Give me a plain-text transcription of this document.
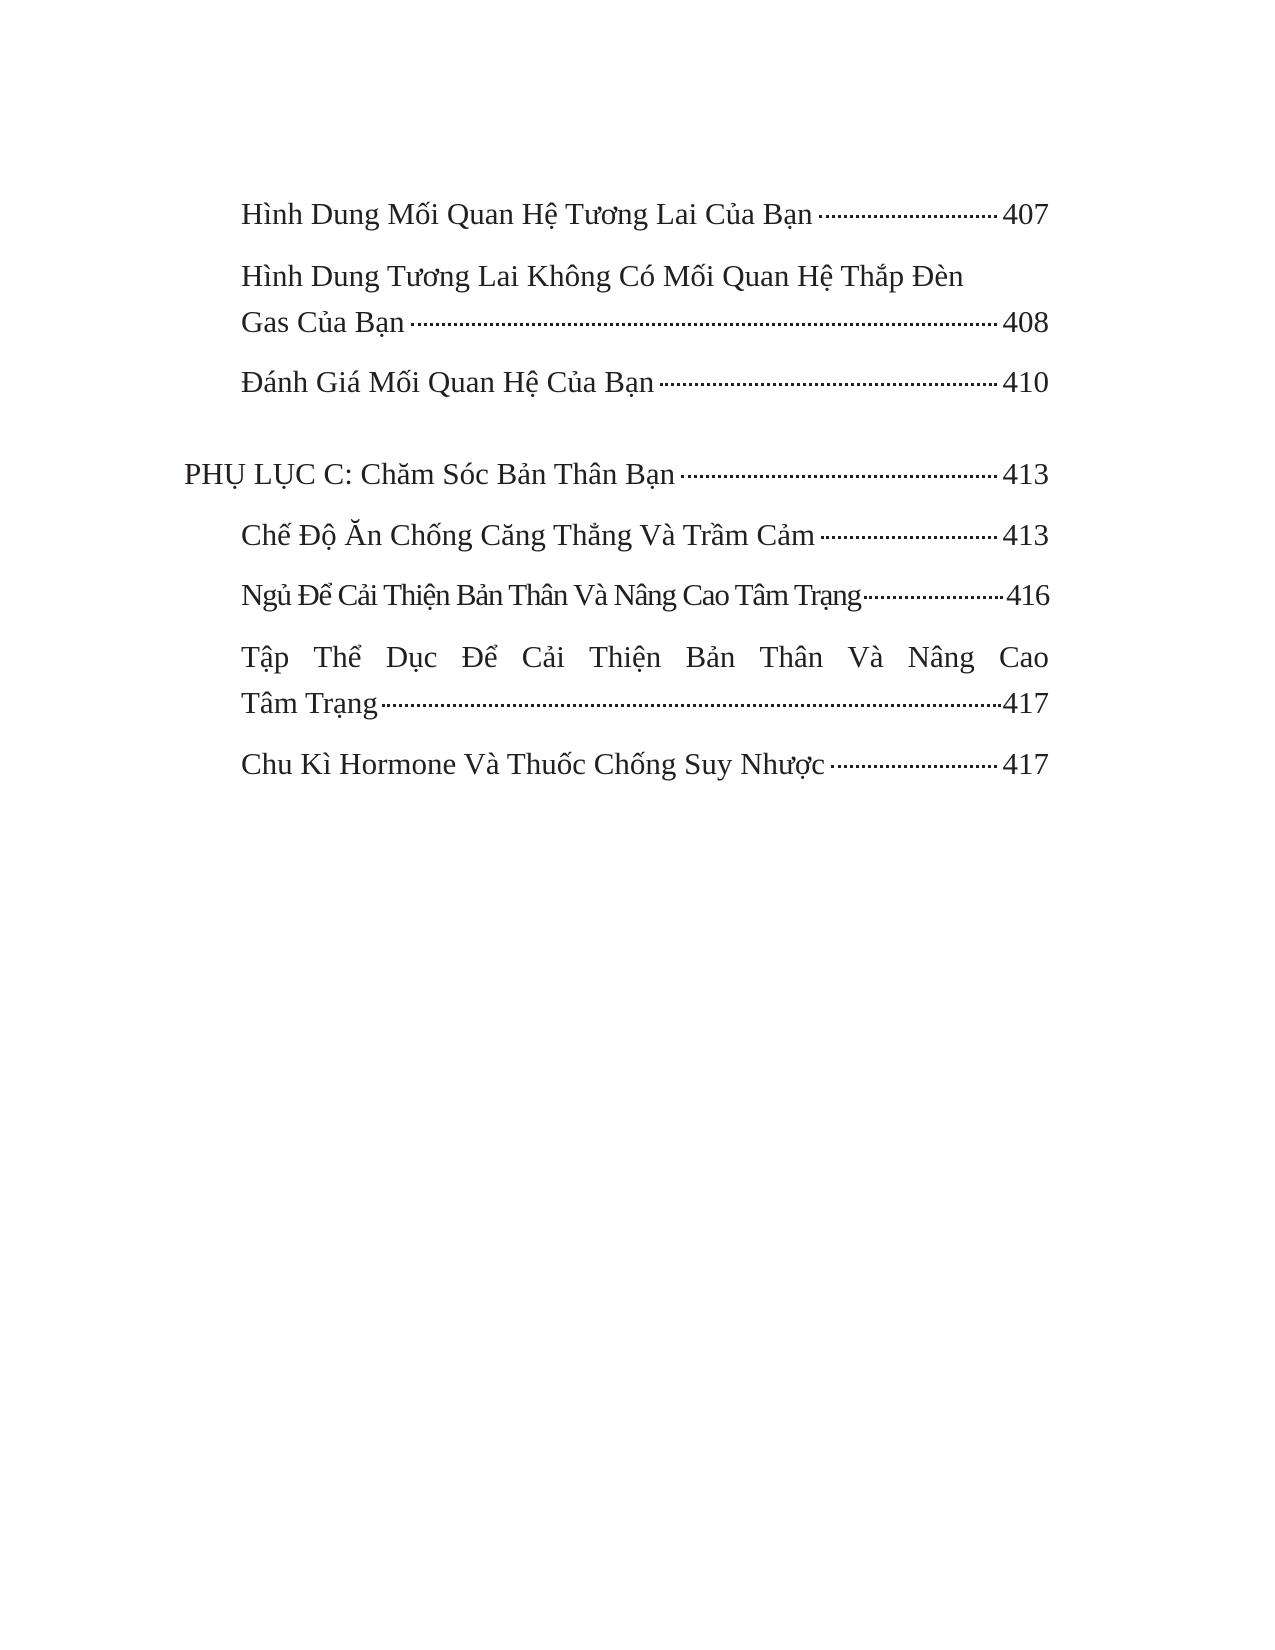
Hình Dung Mối Quan Hệ Tương Lai Của Bạn	407
Hình Dung Tương Lai Không Có Mối Quan Hệ Thắp Đèn
Gas Của Bạn	408
Đánh Giá Mối Quan Hệ Của Bạn	410
PHỤ LỤC C: Chăm Sóc Bản Thân Bạn	413
Chế Độ Ăn Chống Căng Thẳng Và Trầm Cảm	413
Ngủ Để Cải Thiện Bản Thân Và Nâng Cao Tâm Trạng	416
Tập Thể Dục Để Cải Thiện Bản Thân Và Nâng Cao
Tâm Trạng	417
Chu Kì Hormone Và Thuốc Chống Suy Nhược	417
